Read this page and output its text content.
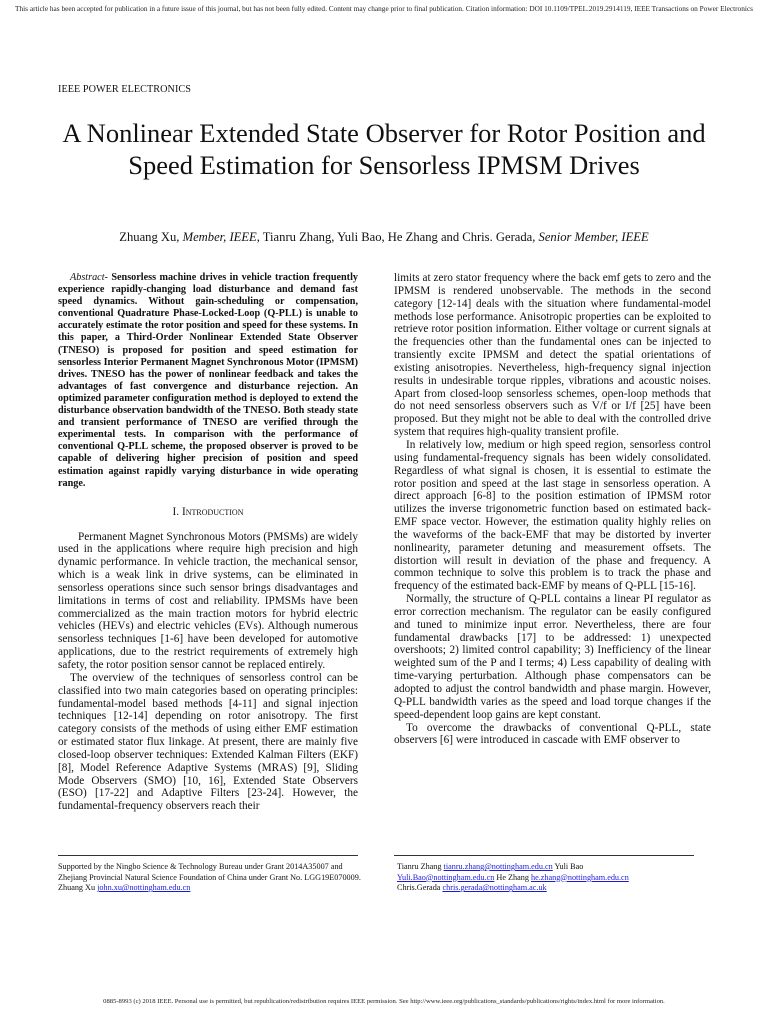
This article has been accepted for publication in a future issue of this journal, but has not been fully edited. Content may change prior to final publication. Citation information: DOI 10.1109/TPEL.2019.2914119, IEEE Transactions on Power Electronics
IEEE POWER ELECTRONICS
A Nonlinear Extended State Observer for Rotor Position and Speed Estimation for Sensorless IPMSM Drives
Zhuang Xu, Member, IEEE, Tianru Zhang, Yuli Bao, He Zhang and Chris. Gerada, Senior Member, IEEE

Abstract- Sensorless machine drives in vehicle traction frequently experience rapidly-changing load disturbance and demand fast speed dynamics. Without gain-scheduling or compensation, conventional Quadrature Phase-Locked-Loop (Q-PLL) is unable to accurately estimate the rotor position and speed for these systems. In this paper, a Third-Order Nonlinear Extended State Observer (TNESO) is proposed for position and speed estimation for sensorless Interior Permanent Magnet Synchronous Motor (IPMSM) drives. TNESO has the power of nonlinear feedback and takes the advantages of fast convergence and disturbance rejection. An optimized parameter configuration method is deployed to extend the disturbance observation bandwidth of the TNESO. Both steady state and transient performance of TNESO are verified through the experimental tests. In comparison with the performance of conventional Q-PLL scheme, the proposed observer is proved to be capable of delivering higher precision of position and speed estimation against rapidly varying disturbance in wide operating range.

I. Introduction

Permanent Magnet Synchronous Motors (PMSMs) are widely used in the applications where require high precision and high dynamic performance. In vehicle traction, the mechanical sensor, which is a weak link in drive systems, can be eliminated in sensorless operations since such sensor brings disadvantages and limitations in terms of cost and reliability. IPMSMs have been commercialized as the main traction motors for hybrid electric vehicles (HEVs) and electric vehicles (EVs). Although numerous sensorless techniques [1-6] have been developed for automotive applications, due to the restrict requirements of extremely high safety, the rotor position sensor cannot be replaced entirely.

The overview of the techniques of sensorless control can be classified into two main categories based on operating principles: fundamental-model based methods [4-11] and signal injection techniques [12-14] depending on rotor anisotropy. The first category consists of the methods of using either EMF estimation or estimated stator flux linkage. At present, there are mainly five closed-loop observer techniques: Extended Kalman Filters (EKF) [8], Model Reference Adaptive Systems (MRAS) [9], Sliding Mode Observers (SMO) [10, 16], Extended State Observers (ESO) [17-22] and Adaptive Filters [23-24]. However, the fundamental-frequency observers reach their

limits at zero stator frequency where the back emf gets to zero and the IPMSM is rendered unobservable. The methods in the second category [12-14] deals with the situation where fundamental-model methods lose performance. Anisotropic properties can be exploited to retrieve rotor position information. Either voltage or current signals at the frequencies other than the fundamental ones can be injected to transiently excite IPMSM and detect the spatial orientations of existing anisotropies. Nevertheless, high-frequency signal injection results in undesirable torque ripples, vibrations and acoustic noises. Apart from closed-loop sensorless schemes, open-loop methods that do not need sensorless observers such as V/f or I/f [25] have been proposed. But they might not be able to deal with the controlled drive system that requires high-quality transient profile.

In relatively low, medium or high speed region, sensorless control using fundamental-frequency signals has been widely consolidated. Regardless of what signal is chosen, it is essential to estimate the rotor position and speed at the last stage in sensorless operation. A direct approach [6-8] to the position estimation of IPMSM rotor utilizes the inverse trigonometric function based on estimated back-EMF space vector. However, the estimation quality highly relies on the waveforms of the back-EMF that may be distorted by inverter nonlinearity, parameter detuning and measurement offsets. The distortion will result in deviation of the phase and frequency. A common technique to solve this problem is to track the phase and frequency of the estimated back-EMF by means of Q-PLL [15-16].

Normally, the structure of Q-PLL contains a linear PI regulator as error correction mechanism. The regulator can be easily configured and tuned to minimize input error. Nevertheless, there are four fundamental drawbacks [17] to be addressed: 1) unexpected overshoots; 2) limited control capability; 3) Inefficiency of the linear weighted sum of the P and I terms; 4) Less capability of dealing with time-varying perturbation. Although phase compensators can be adopted to adjust the control bandwidth and phase margin. However, Q-PLL bandwidth varies as the speed and load torque changes if the speed-dependent loop gains are kept constant.

To overcome the drawbacks of conventional Q-PLL, state observers [6] were introduced in cascade with EMF observer to

Supported by the Ningbo Science & Technology Bureau under Grant 2014A35007 and Zhejiang Provincial Natural Science Foundation of China under Grant No. LGG19E070009. Zhuang Xu john.xu@nottingham.edu.cn
Tianru Zhang tianru.zhang@nottingham.edu.cn Yuli Bao
Yuli.Bao@nottingham.edu.cn He Zhang he.zhang@nottingham.edu.cn
Chris.Gerada chris.gerada@nottingham.ac.uk
0885-8993 (c) 2018 IEEE. Personal use is permitted, but republication/redistribution requires IEEE permission. See http://www.ieee.org/publications_standards/publications/rights/index.html for more information.
